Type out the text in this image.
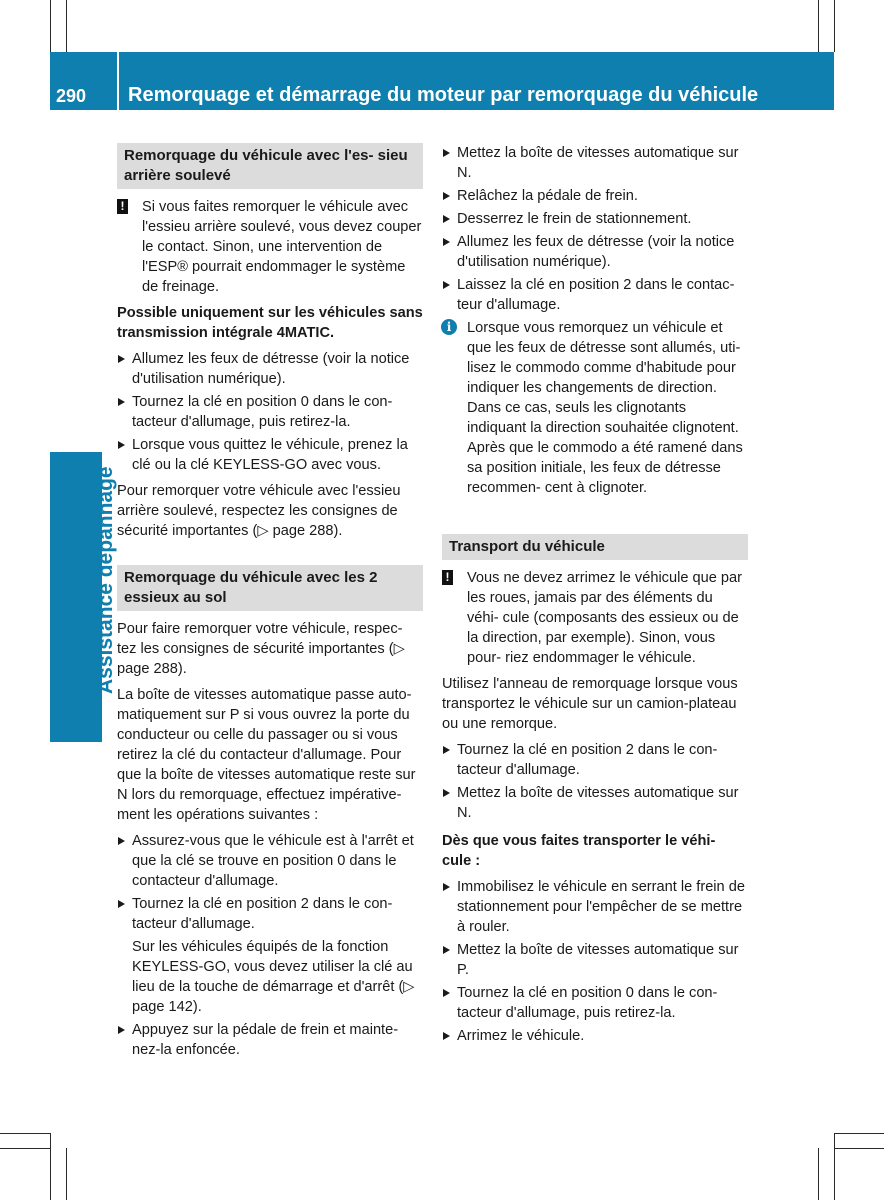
290 Remorquage et démarrage du moteur par remorquage du véhicule
Assistance dépannage
Remorquage du véhicule avec l'es- sieu arrière soulevé
!	Si vous faites remorquer le véhicule avec l'essieu arrière soulevé, vous devez couper le contact. Sinon, une intervention de l'ESP® pourrait endommager le système de freinage.
Possible uniquement sur les véhicules sans transmission intégrale 4MATIC.
Allumez les feux de détresse (voir la notice d'utilisation numérique).
Tournez la clé en position 0 dans le con- tacteur d'allumage, puis retirez-la.
Lorsque vous quittez le véhicule, prenez la clé ou la clé KEYLESS-GO avec vous.
Pour remorquer votre véhicule avec l'essieu arrière soulevé, respectez les consignes de sécurité importantes (▷ page 288).
Remorquage du véhicule avec les 2 essieux au sol
Pour faire remorquer votre véhicule, respec- tez les consignes de sécurité importantes (▷ page 288).
La boîte de vitesses automatique passe auto- matiquement sur P si vous ouvrez la porte du conducteur ou celle du passager ou si vous retirez la clé du contacteur d'allumage. Pour que la boîte de vitesses automatique reste sur N lors du remorquage, effectuez impérative- ment les opérations suivantes :
Assurez-vous que le véhicule est à l'arrêt et que la clé se trouve en position 0 dans le contacteur d'allumage.
Tournez la clé en position 2 dans le con- tacteur d'allumage.
Sur les véhicules équipés de la fonction KEYLESS-GO, vous devez utiliser la clé au lieu de la touche de démarrage et d'arrêt (▷ page 142).
Appuyez sur la pédale de frein et mainte- nez-la enfoncée.
Mettez la boîte de vitesses automatique sur N.
Relâchez la pédale de frein.
Desserrez le frein de stationnement.
Allumez les feux de détresse (voir la notice d'utilisation numérique).
Laissez la clé en position 2 dans le contac- teur d'allumage.
i	Lorsque vous remorquez un véhicule et que les feux de détresse sont allumés, uti- lisez le commodo comme d'habitude pour indiquer les changements de direction. Dans ce cas, seuls les clignotants indiquant la direction souhaitée clignotent. Après que le commodo a été ramené dans sa position initiale, les feux de détresse recommen- cent à clignoter.
Transport du véhicule
!	Vous ne devez arrimez le véhicule que par les roues, jamais par des éléments du véhi- cule (composants des essieux ou de la direction, par exemple). Sinon, vous pour- riez endommager le véhicule.
Utilisez l'anneau de remorquage lorsque vous transportez le véhicule sur un camion-plateau ou une remorque.
Tournez la clé en position 2 dans le con- tacteur d'allumage.
Mettez la boîte de vitesses automatique sur N.
Dès que vous faites transporter le véhi- cule :
Immobilisez le véhicule en serrant le frein de stationnement pour l'empêcher de se mettre à rouler.
Mettez la boîte de vitesses automatique sur P.
Tournez la clé en position 0 dans le con- tacteur d'allumage, puis retirez-la.
Arrimez le véhicule.
